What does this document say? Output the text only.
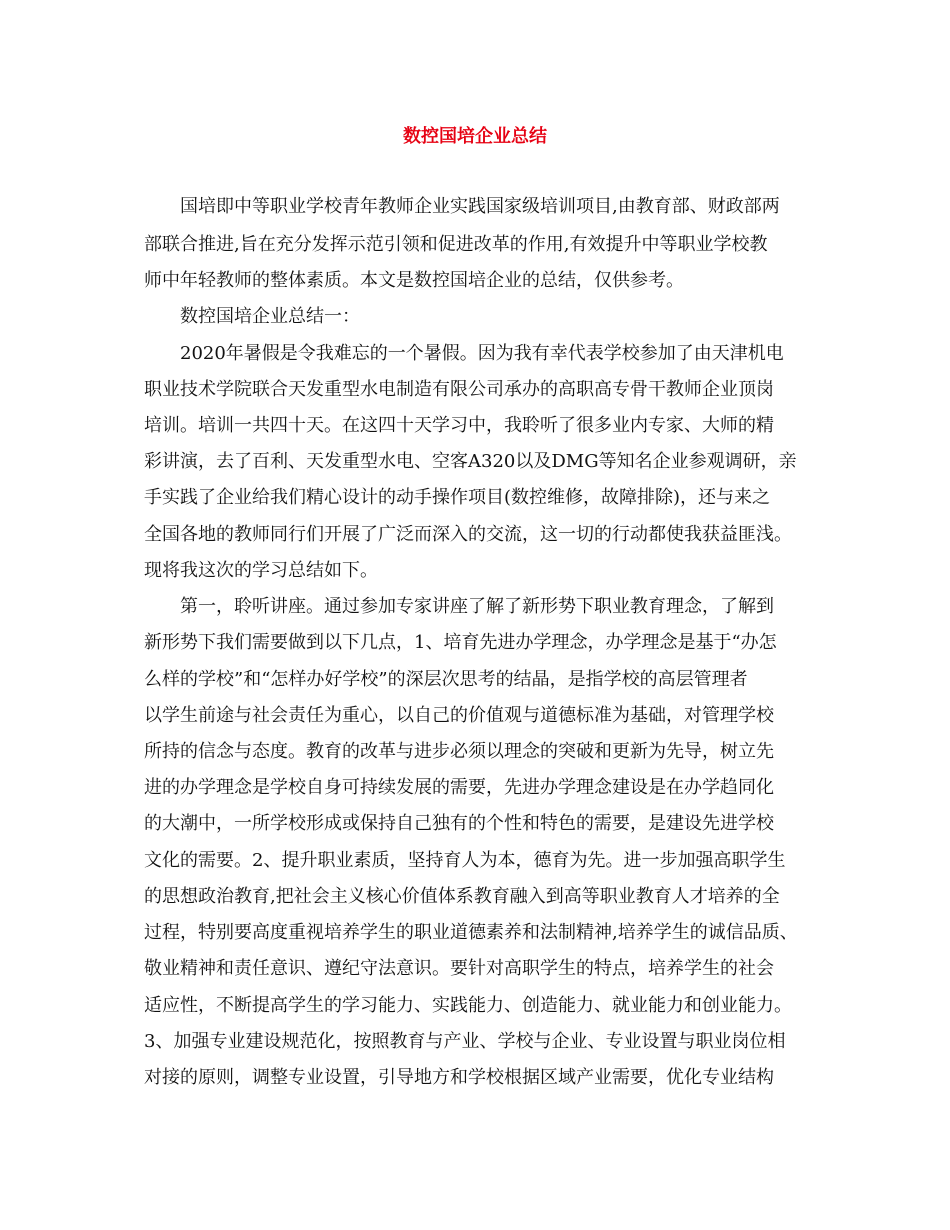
数控国培企业总结
国培即中等职业学校青年教师企业实践国家级培训项目,由教育部、财政部两
部联合推进,旨在充分发挥示范引领和促进改革的作用,有效提升中等职业学校教
师中年轻教师的整体素质。本文是数控国培企业的总结，仅供参考。
数控国培企业总结一：
2020年暑假是令我难忘的一个暑假。因为我有幸代表学校参加了由天津机电
职业技术学院联合天发重型水电制造有限公司承办的高职高专骨干教师企业顶岗
培训。培训一共四十天。在这四十天学习中，我聆听了很多业内专家、大师的精
彩讲演，去了百利、天发重型水电、空客A320以及DMG等知名企业参观调研，亲
手实践了企业给我们精心设计的动手操作项目(数控维修，故障排除)，还与来之
全国各地的教师同行们开展了广泛而深入的交流，这一切的行动都使我获益匪浅。
现将我这次的学习总结如下。
第一，聆听讲座。通过参加专家讲座了解了新形势下职业教育理念，了解到
新形势下我们需要做到以下几点，1、培育先进办学理念，办学理念是基于“办怎
么样的学校”和“怎样办好学校”的深层次思考的结晶，是指学校的高层管理者
以学生前途与社会责任为重心，以自己的价值观与道德标准为基础，对管理学校
所持的信念与态度。教育的改革与进步必须以理念的突破和更新为先导，树立先
进的办学理念是学校自身可持续发展的需要，先进办学理念建设是在办学趋同化
的大潮中，一所学校形成或保持自己独有的个性和特色的需要，是建设先进学校
文化的需要。2、提升职业素质，坚持育人为本，德育为先。进一步加强高职学生
的思想政治教育,把社会主义核心价值体系教育融入到高等职业教育人才培养的全
过程，特别要高度重视培养学生的职业道德素养和法制精神,培养学生的诚信品质、
敬业精神和责任意识、遵纪守法意识。要针对高职学生的特点，培养学生的社会
适应性，不断提高学生的学习能力、实践能力、创造能力、就业能力和创业能力。
3、加强专业建设规范化，按照教育与产业、学校与企业、专业设置与职业岗位相
对接的原则，调整专业设置，引导地方和学校根据区域产业需要，优化专业结构
